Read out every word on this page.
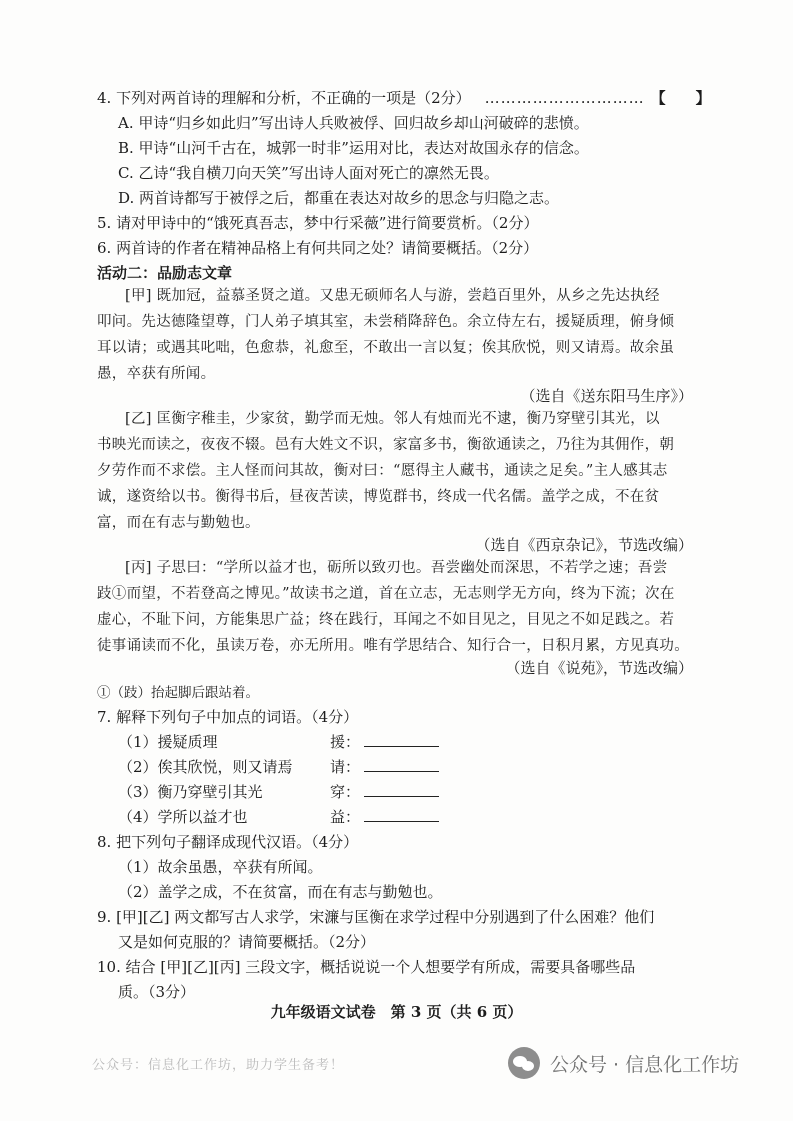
4. 下列对两首诗的理解和分析，不正确的一项是（2分） ………………………… 【　　】
A. 甲诗“归乡如此归”写出诗人兵败被俘、回归故乡却山河破碎的悲愤。
B. 甲诗“山河千古在，城郭一时非”运用对比，表达对故国永存的信念。
C. 乙诗“我自横刀向天笑”写出诗人面对死亡的凛然无畏。
D. 两首诗都写于被俘之后，都重在表达对故乡的思念与归隐之志。
5. 请对甲诗中的“饿死真吾志，梦中行采薇”进行简要赏析。（2分）
6. 两首诗的作者在精神品格上有何共同之处？请简要概括。（2分）
活动二：品励志文章
[甲] 既加冠，益慕圣贤之道。又患无硕师名人与游，尝趋百里外，从乡之先达执经
叩问。先达德隆望尊，门人弟子填其室，未尝稍降辞色。余立侍左右，援疑质理，俯身倾
耳以请；或遇其叱咄，色愈恭，礼愈至，不敢出一言以复；俟其欣悦，则又请焉。故余虽
愚，卒获有所闻。
（选自《送东阳马生序》）
[乙] 匡衡字稚圭，少家贫，勤学而无烛。邻人有烛而光不逮，衡乃穿壁引其光，以
书映光而读之，夜夜不辍。邑有大姓文不识，家富多书，衡欲通读之，乃往为其佣作，朝
夕劳作而不求偿。主人怪而问其故，衡对曰：“愿得主人藏书，通读之足矣。”主人感其志
诚，遂资给以书。衡得书后，昼夜苦读，博览群书，终成一代名儒。盖学之成，不在贫
富，而在有志与勤勉也。
（选自《西京杂记》，节选改编）
[丙] 子思曰：“学所以益才也，砺所以致刃也。吾尝幽处而深思，不若学之速；吾尝
跂①而望，不若登高之博见。”故读书之道，首在立志，无志则学无方向，终为下流；次在
虚心，不耻下问，方能集思广益；终在践行，耳闻之不如目见之，目见之不如足践之。若
徒事诵读而不化，虽读万卷，亦无所用。唯有学思结合、知行合一，日积月累，方见真功。
（选自《说苑》，节选改编）
①（跂）抬起脚后跟站着。
7. 解释下列句子中加点的词语。（4分）
（1）援疑质理	援：
（2）俟其欣悦，则又请焉 请：
（3）衡乃穿壁引其光	穿：
（4）学所以益才也	益：
8. 把下列句子翻译成现代汉语。（4分）
（1）故余虽愚，卒获有所闻。
（2）盖学之成，不在贫富，而在有志与勤勉也。
9. [甲][乙] 两文都写古人求学，宋濂与匡衡在求学过程中分别遇到了什么困难？他们
又是如何克服的？请简要概括。（2分）
10. 结合 [甲][乙][丙] 三段文字，概括说说一个人想要学有所成，需要具备哪些品
质。（3分）
九年级语文试卷　第 3 页（共 6 页）
公众号：信息化工作坊，助力学生备考！	公众号 · 信息化工作坊
